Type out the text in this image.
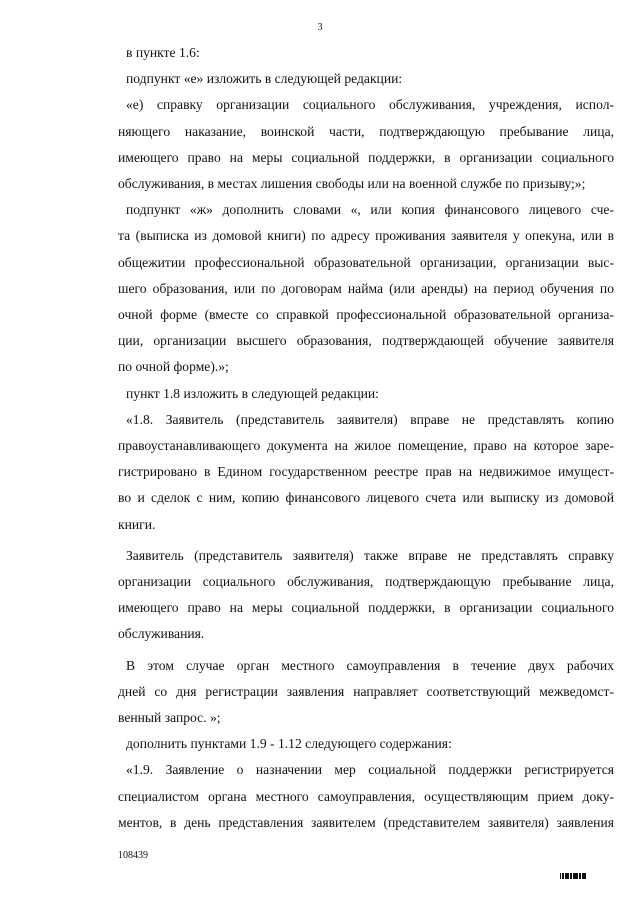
3

в пункте 1.6:

подпункт «е» изложить в следующей редакции:

«е) справку организации социального обслуживания, учреждения, испол-

няющего наказание, воинской части, подтверждающую пребывание лица,

имеющего право на меры социальной поддержки, в организации социального

обслуживания, в местах лишения свободы или на военной службе по призыву;»;

подпункт «ж» дополнить словами «, или копия финансового лицевого сче-

та (выписка из домовой книги) по адресу проживания заявителя у опекуна, или в

общежитии профессиональной образовательной организации, организации выс-

шего образования, или по договорам найма (или аренды) на период обучения по

очной форме (вместе со справкой профессиональной образовательной организа-

ции, организации высшего образования, подтверждающей обучение заявителя

по очной форме).»;

пункт 1.8 изложить в следующей редакции:

«1.8. Заявитель (представитель заявителя) вправе не представлять копию

правоустанавливающего документа на жилое помещение, право на которое заре-

гистрировано в Едином государственном реестре прав на недвижимое имущест-

во и сделок с ним, копию финансового лицевого счета или выписку из домовой

книги.

Заявитель (представитель заявителя) также вправе не представлять справку

организации социального обслуживания, подтверждающую пребывание лица,

имеющего право на меры социальной поддержки, в организации социального

обслуживания.

В этом случае орган местного самоуправления в течение двух рабочих

дней со дня регистрации заявления направляет соответствующий межведомст-

венный запрос. »;

дополнить пунктами 1.9 - 1.12 следующего содержания:

«1.9. Заявление о назначении мер социальной поддержки регистрируется

специалистом органа местного самоуправления, осуществляющим прием доку-

ментов, в день представления заявителем (представителем заявителя) заявления

108439
